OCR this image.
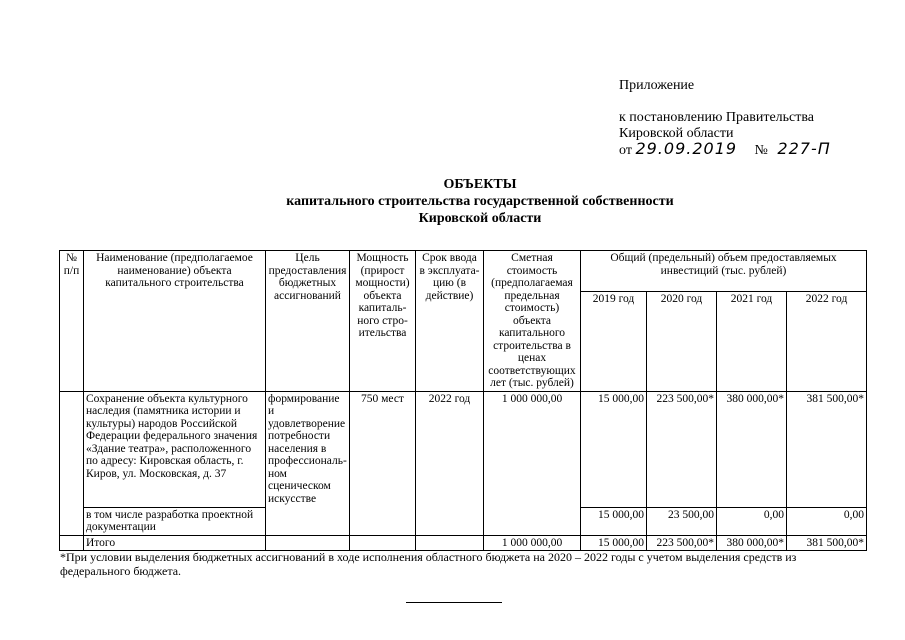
Приложение
к постановлению Правительства
Кировской области
от 29.09.2019 № 227-П
ОБЪЕКТЫ
капитального строительства государственной собственности
Кировской области
№ п/п	Наименование (предполагаемое наименование) объекта капитального строительства	Цель предоставления бюджетных ассигнований	Мощность (прирост мощности) объекта капиталь-ного стро-ительства	Срок ввода в эксплуата-цию (в действие)	Сметная стоимость (предполагаемая предельная стоимость) объекта капитального строительства в ценах соответствующих лет (тыс. рублей)	Общий (предельный) объем предоставляемых инвестиций (тыс. рублей)			
						2019 год	2020 год	2021 год	2022 год
	Сохранение объекта культурного наследия (памятника истории и культуры) народов Российской Федерации федерального значения «Здание театра», расположенного по адресу: Кировская область, г. Киров, ул. Московская, д. 37	формирование и удовлетворение потребности населения в профессиональ-ном сценическом искусстве	750 мест	2022 год	1 000 000,00	15 000,00	223 500,00*	380 000,00*	381 500,00*
	в том числе разработка проектной документации					15 000,00	23 500,00	0,00	0,00
	Итого				1 000 000,00	15 000,00	223 500,00*	380 000,00*	381 500,00*
*При условии выделения бюджетных ассигнований в ходе исполнения областного бюджета на 2020 – 2022 годы с учетом выделения средств из федерального бюджета.
